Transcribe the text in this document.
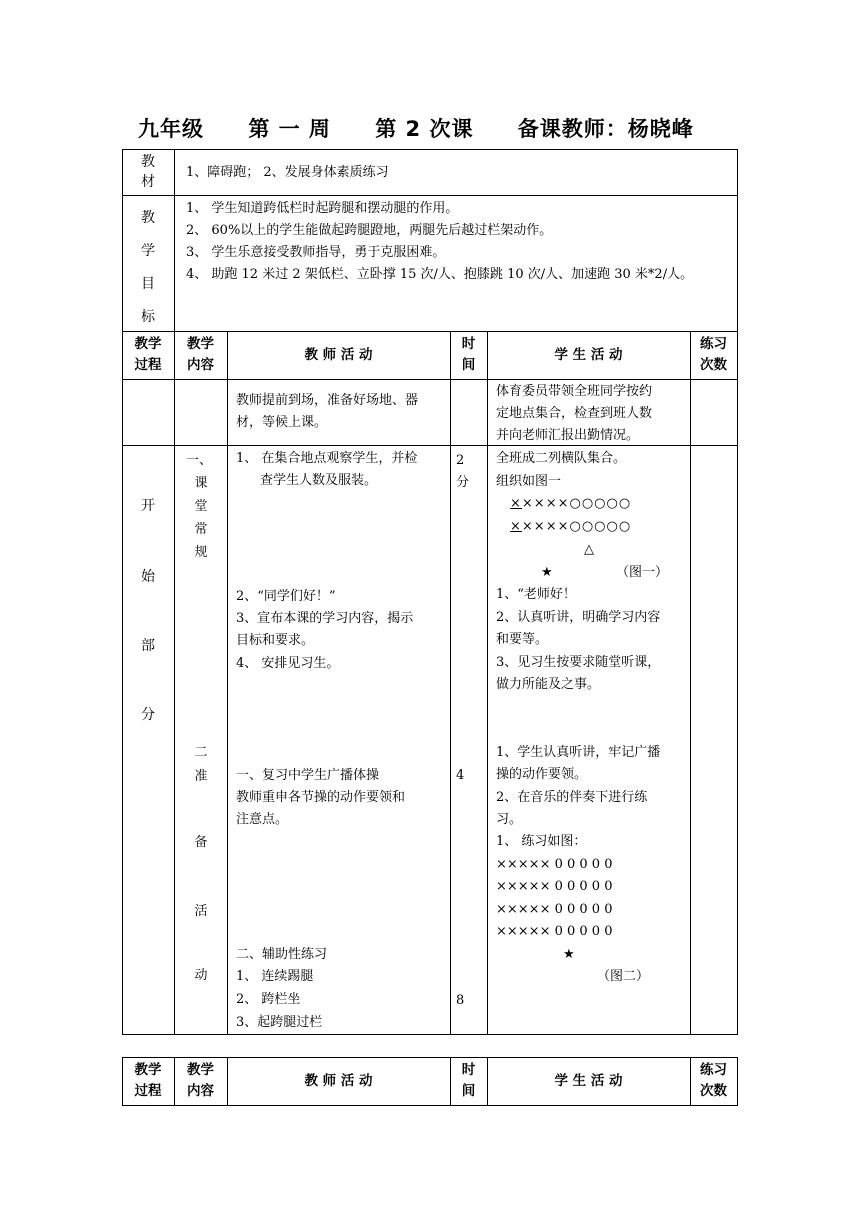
九年级 第 一 周 第 2 次课 备课教师：杨晓峰
教
材
1、障碍跑； 2、发展身体素质练习
教
学
目
标
1、 学生知道跨低栏时起跨腿和摆动腿的作用。
2、 60%以上的学生能做起跨腿蹬地，两腿先后越过栏架动作。
3、 学生乐意接受教师指导，勇于克服困难。
4、 助跑 12 米过 2 架低栏、立卧撑 15 次/人、抱膝跳 10 次/人、加速跑 30 米*2/人。
教学
过程
教学
内容
教 师 活 动
时
间
学 生 活 动
练习
次数
教师提前到场，准备好场地、器
材，等候上课。
体育委员带领全班同学按约
定地点集合，检查到班人数
并向老师汇报出勤情况。
开
始
部
分
一、
课
堂
常
规
二
准
备
活
动
1、 在集合地点观察学生，并检
查学生人数及服装。
2、“同学们好！”
3、宣布本课的学习内容，揭示
目标和要求。
4、 安排见习生。
一、复习中学生广播体操
教师重申各节操的动作要领和
注意点。
二、辅助性练习
1、 连续踢腿
2、 跨栏坐
3、起跨腿过栏
2
分
4
8
全班成二列横队集合。
组织如图一
×××××○○○○○
×××××○○○○○
△
★	（图一）
1、“老师好！
2、认真听讲，明确学习内容
和要等。
3、见习生按要求随堂听课，
做力所能及之事。
1、学生认真听讲，牢记广播
操的动作要领。
2、在音乐的伴奏下进行练
习。
1、 练习如图：
××××× 0 0 0 0 0
××××× 0 0 0 0 0
××××× 0 0 0 0 0
××××× 0 0 0 0 0
★
（图二）
教学
过程
教学
内容
教 师 活 动
时
间
学 生 活 动
练习
次数
